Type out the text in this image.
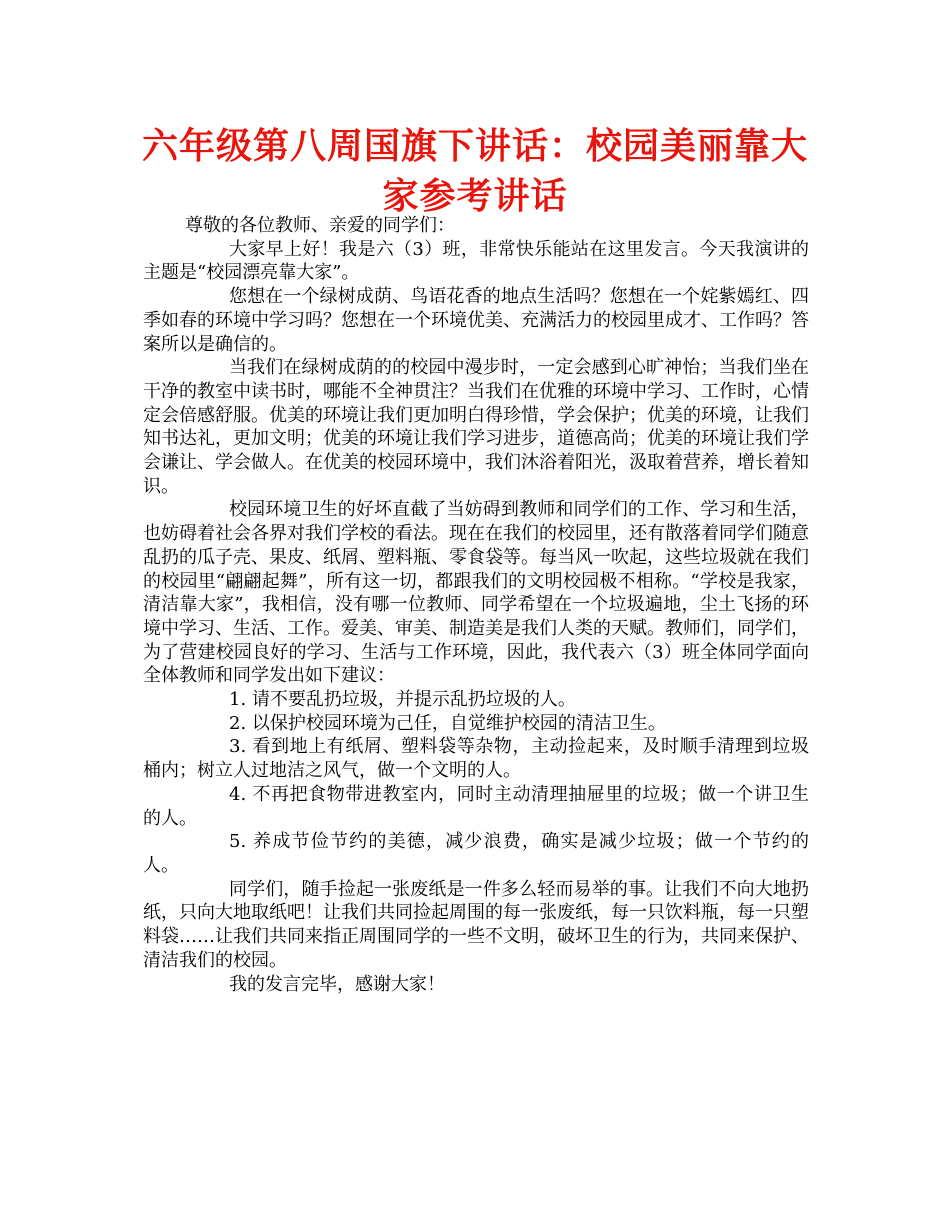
六年级第八周国旗下讲话：校园美丽靠大家参考讲话

尊敬的各位教师、亲爱的同学们：

大家早上好！我是六（3）班，非常快乐能站在这里发言。今天我演讲的主题是“校园漂亮靠大家”。

您想在一个绿树成荫、鸟语花香的地点生活吗？您想在一个姹紫嫣红、四季如春的环境中学习吗？您想在一个环境优美、充满活力的校园里成才、工作吗？答案所以是确信的。

当我们在绿树成荫的的校园中漫步时，一定会感到心旷神怡；当我们坐在干净的教室中读书时，哪能不全神贯注？当我们在优雅的环境中学习、工作时，心情定会倍感舒服。优美的环境让我们更加明白得珍惜，学会保护；优美的环境，让我们知书达礼，更加文明；优美的环境让我们学习进步，道德高尚；优美的环境让我们学会谦让、学会做人。在优美的校园环境中，我们沐浴着阳光，汲取着营养，增长着知识。

校园环境卫生的好坏直截了当妨碍到教师和同学们的工作、学习和生活，也妨碍着社会各界对我们学校的看法。现在在我们的校园里，还有散落着同学们随意乱扔的瓜子壳、果皮、纸屑、塑料瓶、零食袋等。每当风一吹起，这些垃圾就在我们的校园里“翩翩起舞”，所有这一切，都跟我们的文明校园极不相称。“学校是我家，清洁靠大家”，我相信，没有哪一位教师、同学希望在一个垃圾遍地，尘土飞扬的环境中学习、生活、工作。爱美、审美、制造美是我们人类的天赋。教师们，同学们，为了营建校园良好的学习、生活与工作环境，因此，我代表六（3）班全体同学面向全体教师和同学发出如下建议：

1. 请不要乱扔垃圾，并提示乱扔垃圾的人。

2. 以保护校园环境为己任，自觉维护校园的清洁卫生。

3. 看到地上有纸屑、塑料袋等杂物，主动捡起来，及时顺手清理到垃圾桶内；树立人过地洁之风气，做一个文明的人。

4. 不再把食物带进教室内，同时主动清理抽屉里的垃圾；做一个讲卫生的人。

5. 养成节俭节约的美德，减少浪费，确实是减少垃圾；做一个节约的人。

同学们，随手捡起一张废纸是一件多么轻而易举的事。让我们不向大地扔纸，只向大地取纸吧！让我们共同捡起周围的每一张废纸，每一只饮料瓶，每一只塑料袋……让我们共同来指正周围同学的一些不文明，破坏卫生的行为，共同来保护、清洁我们的校园。

我的发言完毕，感谢大家！
